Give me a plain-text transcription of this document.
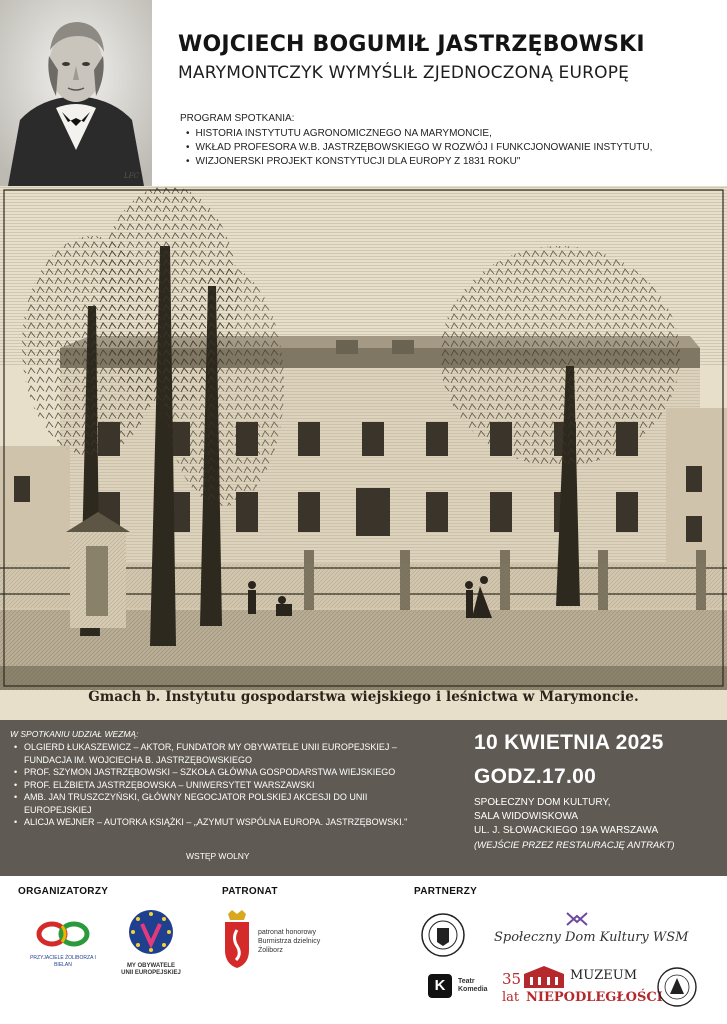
LFC
WOJCIECH BOGUMIŁ JASTRZĘBOWSKI
MARYMONTCZYK WYMYŚLIŁ ZJEDNOCZONĄ EUROPĘ
PROGRAM SPOTKANIA:
• HISTORIA INSTYTUTU AGRONOMICZNEGO NA MARYMONCIE,
• WKŁAD PROFESORA W.B. JASTRZĘBOWSKIEGO W ROZWÓJ I FUNKCJONOWANIE INSTYTUTU,
• WIZJONERSKI PROJEKT KONSTYTUCJI DLA EUROPY Z 1831 ROKU"
Gmach b. Instytutu gospodarstwa wiejskiego i leśnictwa w Marymoncie.
W SPOTKANIU UDZIAŁ WEZMĄ:
• OLGIERD ŁUKASZEWICZ – AKTOR, FUNDATOR MY OBYWATELE UNII EUROPEJSKIEJ – FUNDACJA IM. WOJCIECHA B. JASTRZĘBOWSKIEGO
• PROF. SZYMON JASTRZĘBOWSKI – SZKOŁA GŁÓWNA GOSPODARSTWA WIEJSKIEGO
• PROF. ELŻBIETA JASTRZĘBOWSKA – UNIWERSYTET WARSZAWSKI
• AMB. JAN TRUSZCZYŃSKI, GŁÓWNY NEGOCJATOR POLSKIEJ AKCESJI DO UNII EUROPEJSKIEJ
• ALICJA WEJNER – AUTORKA KSIĄŻKI – „AZYMUT WSPÓLNA EUROPA. JASTRZĘBOWSKI."
WSTĘP WOLNY
10 KWIETNIA 2025
GODZ.17.00
SPOŁECZNY DOM KULTURY,
SALA WIDOWISKOWA
UL. J. SŁOWACKIEGO 19A WARSZAWA
(WEJŚCIE PRZEZ RESTAURACJĘ ANTRAKT)
ORGANIZATORZY	PATRONAT	PARTNERZY
PRZYJACIELE ŻOLIBORZA I BIELAN	MY OBYWATELE
UNII EUROPEJSKIEJ
patronat honorowy
Burmistrza dzielnicy
Żoliborz
Społeczny Dom Kultury WSM
K	Teatr
Komedia
35
lat
MUZEUM
NIEPODLEGŁOŚCI
